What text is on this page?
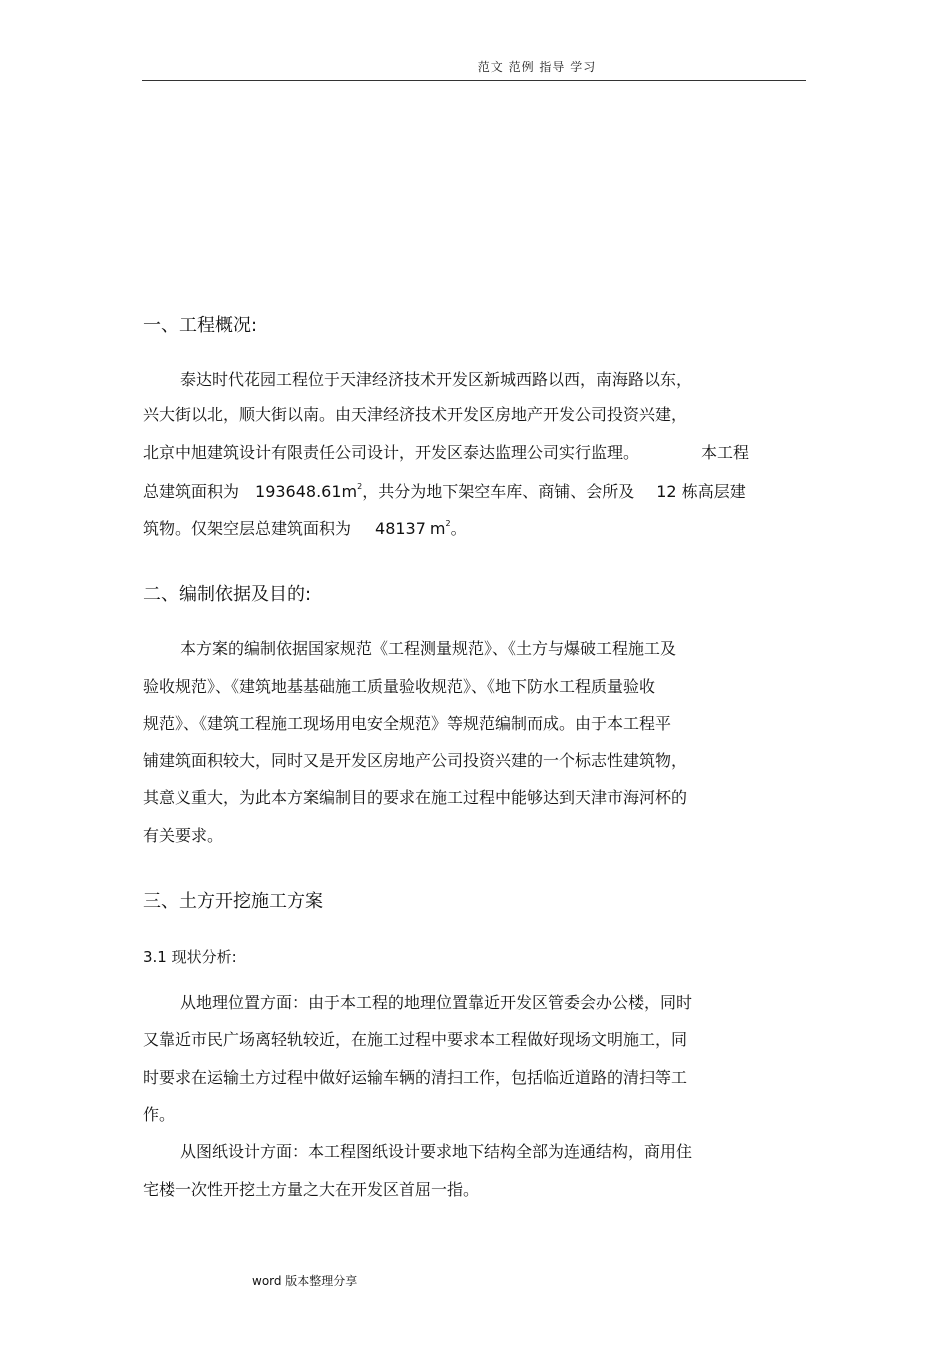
范文 范例 指导 学习
一、工程概况:
泰达时代花园工程位于天津经济技术开发区新城西路以西，南海路以东，
兴大街以北，顺大街以南。由天津经济技术开发区房地产开发公司投资兴建，
北京中旭建筑设计有限责任公司设计，开发区泰达监理公司实行监理。	本工程
总建筑面积为 $193648.61m^2$，共分为地下架空车库、商铺、会所及 12 栋高层建
筑物。仅架空层总建筑面积为 48137 $m^2$。
二、编制依据及目的:
本方案的编制依据国家规范《工程测量规范》、《土方与爆破工程施工及
验收规范》、《建筑地基基础施工质量验收规范》、《地下防水工程质量验收
规范》、《建筑工程施工现场用电安全规范》等规范编制而成。由于本工程平
铺建筑面积较大，同时又是开发区房地产公司投资兴建的一个标志性建筑物，
其意义重大，为此本方案编制目的要求在施工过程中能够达到天津市海河杯的
有关要求。
三、土方开挖施工方案
3.1 现状分析:
从地理位置方面：由于本工程的地理位置靠近开发区管委会办公楼，同时
又靠近市民广场离轻轨较近，在施工过程中要求本工程做好现场文明施工，同
时要求在运输土方过程中做好运输车辆的清扫工作，包括临近道路的清扫等工
作。
从图纸设计方面：本工程图纸设计要求地下结构全部为连通结构，商用住
宅楼一次性开挖土方量之大在开发区首屈一指。
word 版本整理分享
